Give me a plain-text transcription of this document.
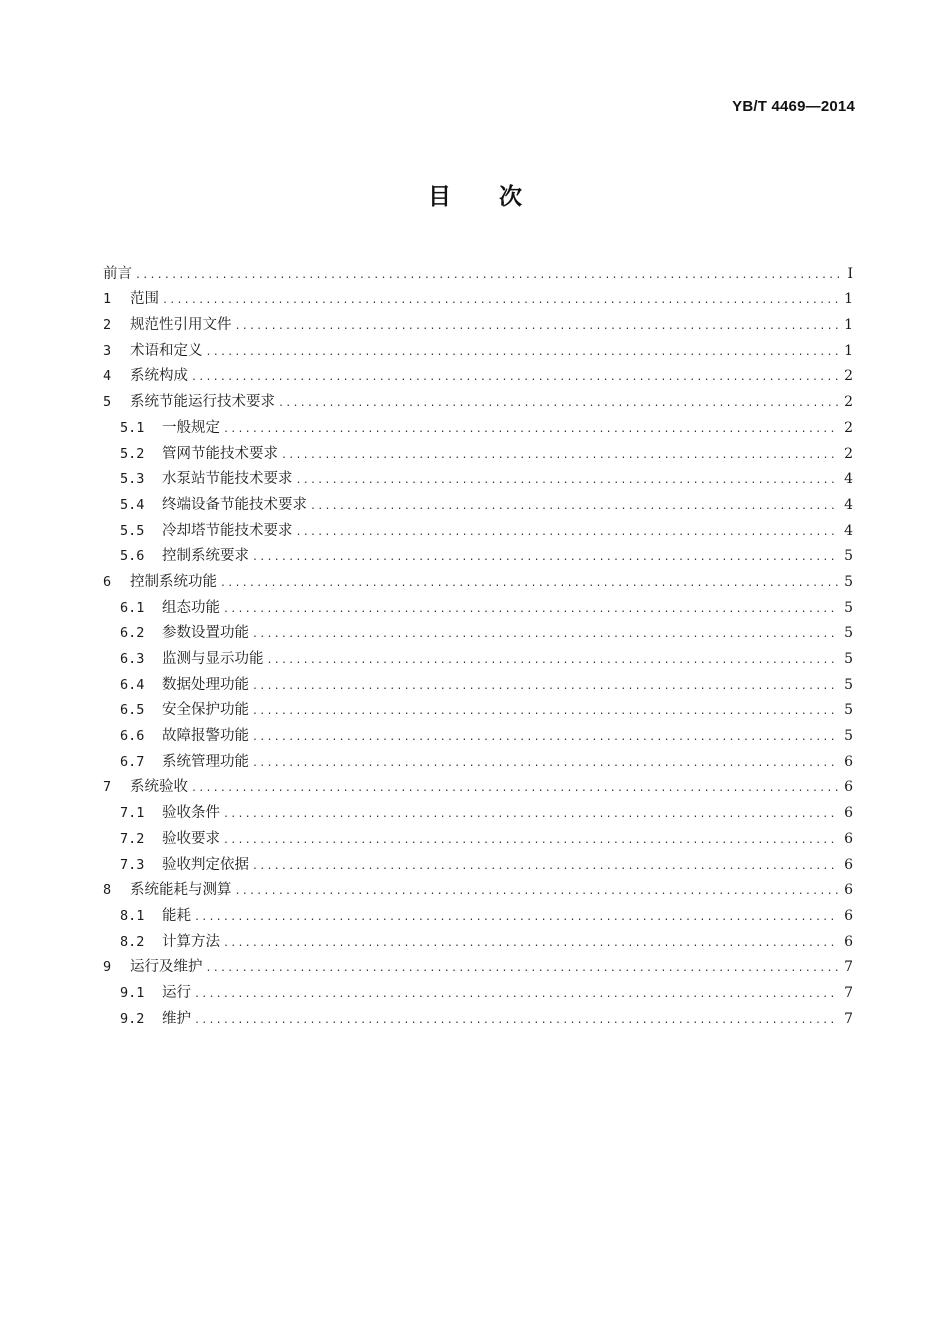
YB/T 4469—2014
目次
前言 .....	Ⅰ
1	范围 .....	1
2	规范性引用文件 .....	1
3	术语和定义 .....	1
4	系统构成 .....	2
5	系统节能运行技术要求 .....	2
5.1	一般规定 .....	2
5.2	管网节能技术要求 .....	2
5.3	水泵站节能技术要求 .....	4
5.4	终端设备节能技术要求 .....	4
5.5	冷却塔节能技术要求 .....	4
5.6	控制系统要求 .....	5
6	控制系统功能 .....	5
6.1	组态功能 .....	5
6.2	参数设置功能 .....	5
6.3	监测与显示功能 .....	5
6.4	数据处理功能 .....	5
6.5	安全保护功能 .....	5
6.6	故障报警功能 .....	5
6.7	系统管理功能 .....	6
7	系统验收 .....	6
7.1	验收条件 .....	6
7.2	验收要求 .....	6
7.3	验收判定依据 .....	6
8	系统能耗与测算 .....	6
8.1	能耗 .....	6
8.2	计算方法 .....	6
9	运行及维护 .....	7
9.1	运行 .....	7
9.2	维护 .....	7
